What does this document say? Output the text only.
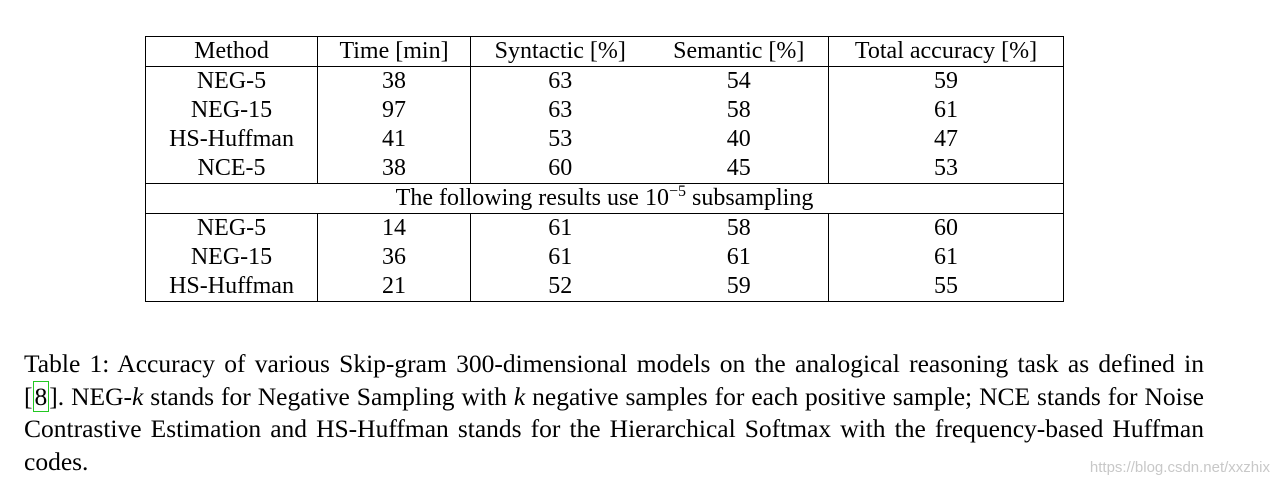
Method	Time [min]	Syntactic [%]	Semantic [%]	Total accuracy [%]
NEG-5	38	63	54	59
NEG-15	97	63	58	61
HS-Huffman	41	53	40	47
NCE-5	38	60	45	53
The following results use $10^{-5}$ subsampling				
NEG-5	14	61	58	60
NEG-15	36	61	61	61
HS-Huffman	21	52	59	55

Table 1: Accuracy of various Skip-gram 300-dimensional models on the analogical reasoning task as defined in [8]. NEG-k stands for Negative Sampling with k negative samples for each positive sample; NCE stands for Noise Contrastive Estimation and HS-Huffman stands for the Hierarchical Softmax with the frequency-based Huffman codes.	https://blog.csdn.net/xxzhix
